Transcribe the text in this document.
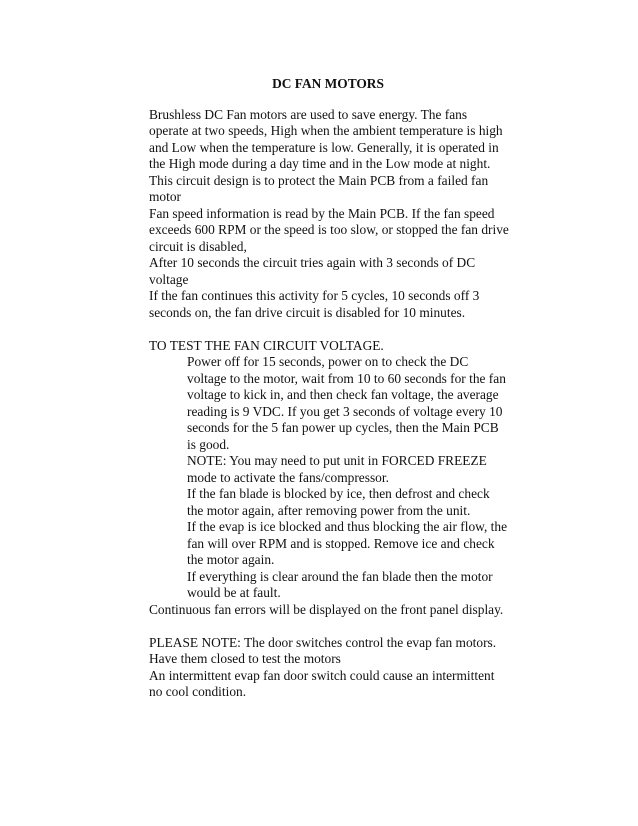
DC FAN MOTORS
Brushless DC Fan motors are used to save energy. The fans
operate at two speeds, High when the ambient temperature is high
and Low when the temperature is low. Generally, it is operated in
the High mode during a day time and in the Low mode at night.
This circuit design is to protect the Main PCB from a failed fan
motor
Fan speed information is read by the Main PCB. If the fan speed
exceeds 600 RPM or the speed is too slow, or stopped the fan drive
circuit is disabled,
After 10 seconds the circuit tries again with 3 seconds of DC
voltage
If the fan continues this activity for 5 cycles, 10 seconds off 3
seconds on, the fan drive circuit is disabled for 10 minutes.
TO TEST THE FAN CIRCUIT VOLTAGE.
Power off for 15 seconds, power on to check the DC
voltage to the motor, wait from 10 to 60 seconds for the fan
voltage to kick in, and then check fan voltage, the average
reading is 9 VDC. If you get 3 seconds of voltage every 10
seconds for the 5 fan power up cycles, then the Main PCB
is good.
NOTE: You may need to put unit in FORCED FREEZE
mode to activate the fans/compressor.
If the fan blade is blocked by ice, then defrost and check
the motor again, after removing power from the unit.
If the evap is ice blocked and thus blocking the air flow, the
fan will over RPM and is stopped. Remove ice and check
the motor again.
If everything is clear around the fan blade then the motor
would be at fault.
Continuous fan errors will be displayed on the front panel display.
PLEASE NOTE: The door switches control the evap fan motors.
Have them closed to test the motors
An intermittent evap fan door switch could cause an intermittent
no cool condition.
